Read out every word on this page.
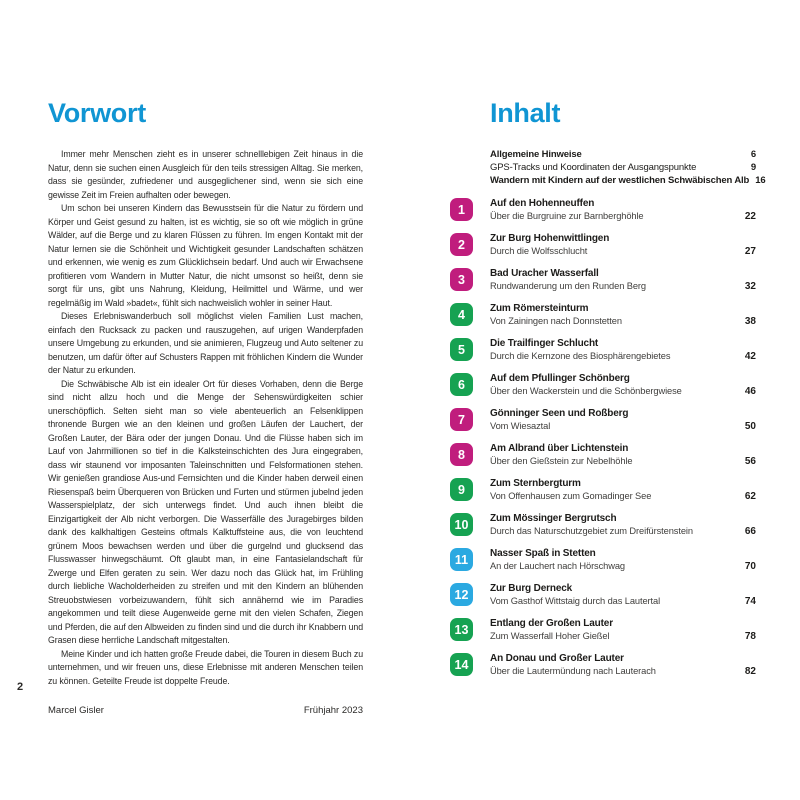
Vorwort

Immer mehr Menschen zieht es in unserer schnelllebigen Zeit hinaus in die Natur, denn sie suchen einen Ausgleich für den teils stressigen Alltag. Sie merken, dass sie gesünder, zufriedener und ausgeglichener sind, wenn sie sich eine gewisse Zeit im Freien aufhalten oder bewegen.

Um schon bei unseren Kindern das Bewusstsein für die Natur zu fördern und Körper und Geist gesund zu halten, ist es wichtig, sie so oft wie möglich in grüne Wälder, auf die Berge und zu klaren Flüssen zu führen. Im engen Kontakt mit der Natur lernen sie die Schönheit und Wichtigkeit gesunder Landschaften schätzen und erkennen, wie wenig es zum Glücklichsein bedarf. Und auch wir Erwachsene profitieren vom Wandern in Mutter Natur, die nicht umsonst so heißt, denn sie sorgt für uns, gibt uns Nahrung, Kleidung, Heilmittel und Wärme, und wer regelmäßig im Wald »badet«, fühlt sich nachweislich wohler in seiner Haut.

Dieses Erlebniswanderbuch soll möglichst vielen Familien Lust machen, einfach den Rucksack zu packen und rauszugehen, auf urigen Wanderpfaden unsere Umgebung zu erkunden, und sie animieren, Flugzeug und Auto seltener zu benutzen, um dafür öfter auf Schusters Rappen mit fröhlichen Kindern die Wunder der Natur zu erkunden.

Die Schwäbische Alb ist ein idealer Ort für dieses Vorhaben, denn die Berge sind nicht allzu hoch und die Menge der Sehenswürdigkeiten schier unerschöpflich. Selten sieht man so viele abenteuerlich an Felsenklippen thronende Burgen wie an den kleinen und großen Läufen der Lauchert, der Großen Lauter, der Bära oder der jungen Donau. Und die Flüsse haben sich im Lauf von Jahrmillionen so tief in die Kalksteinschichten des Jura eingegraben, dass wir staunend vor imposanten Taleinschnitten und Felsformationen stehen. Wir genießen grandiose Aus-und Fernsichten und die Kinder haben derweil einen Riesenspaß beim Überqueren von Brücken und Furten und stürmen jubelnd jeden Wasserspielplatz, der sich unterwegs findet. Und auch ihnen bleibt die Einzigartigkeit der Alb nicht verborgen. Die Wasserfälle des Juragebirges bilden dank des kalkhaltigen Gesteins oftmals Kalktuffsteine aus, die von leuchtend grünem Moos bewachsen werden und über die gurgelnd und glucksend das Flusswasser hinwegschäumt. Oft glaubt man, in eine Fantasielandschaft für Zwerge und Elfen geraten zu sein. Wer dazu noch das Glück hat, im Frühling durch liebliche Wacholderheiden zu streifen und mit den Kindern an blühenden Streuobstwiesen vorbeizuwandern, fühlt sich annähernd wie im Paradies angekommen und teilt diese Augenweide gerne mit den vielen Schafen, Ziegen und Pferden, die auf den Albweiden zu finden sind und die durch ihr Knabbern und Grasen diese herrliche Landschaft mitgestalten.

Meine Kinder und ich hatten große Freude dabei, die Touren in diesem Buch zu unternehmen, und wir freuen uns, diese Erlebnisse mit anderen Menschen teilen zu können. Geteilte Freude ist doppelte Freude.

Marcel Gisler	Frühjahr 2023
2
Inhalt
Allgemeine Hinweise	6
GPS-Tracks und Koordinaten der Ausgangspunkte	9
Wandern mit Kindern auf der westlichen Schwäbischen Alb 16
1	Auf den Hohenneuffen
Über die Burgruine zur Barnberghöhle	22
2	Zur Burg Hohenwittlingen
Durch die Wolfsschlucht	27
3	Bad Uracher Wasserfall
Rundwanderung um den Runden Berg	32
4	Zum Römersteinturm
Von Zainingen nach Donnstetten	38
5	Die Trailfinger Schlucht
Durch die Kernzone des Biosphärengebietes	42
6	Auf dem Pfullinger Schönberg
Über den Wackerstein und die Schönbergwiese	46
7	Gönninger Seen und Roßberg
Vom Wiesaztal	50
8	Am Albrand über Lichtenstein
Über den Gießstein zur Nebelhöhle	56
9	Zum Sternbergturm
Von Offenhausen zum Gomadinger See	62
10	Zum Mössinger Bergrutsch
Durch das Naturschutzgebiet zum Dreifürstenstein	66
11	Nasser Spaß in Stetten
An der Lauchert nach Hörschwag	70
12	Zur Burg Derneck
Vom Gasthof Wittstaig durch das Lautertal	74
13	Entlang der Großen Lauter
Zum Wasserfall Hoher Gießel	78
14	An Donau und Großer Lauter
Über die Lautermündung nach Lauterach	82
